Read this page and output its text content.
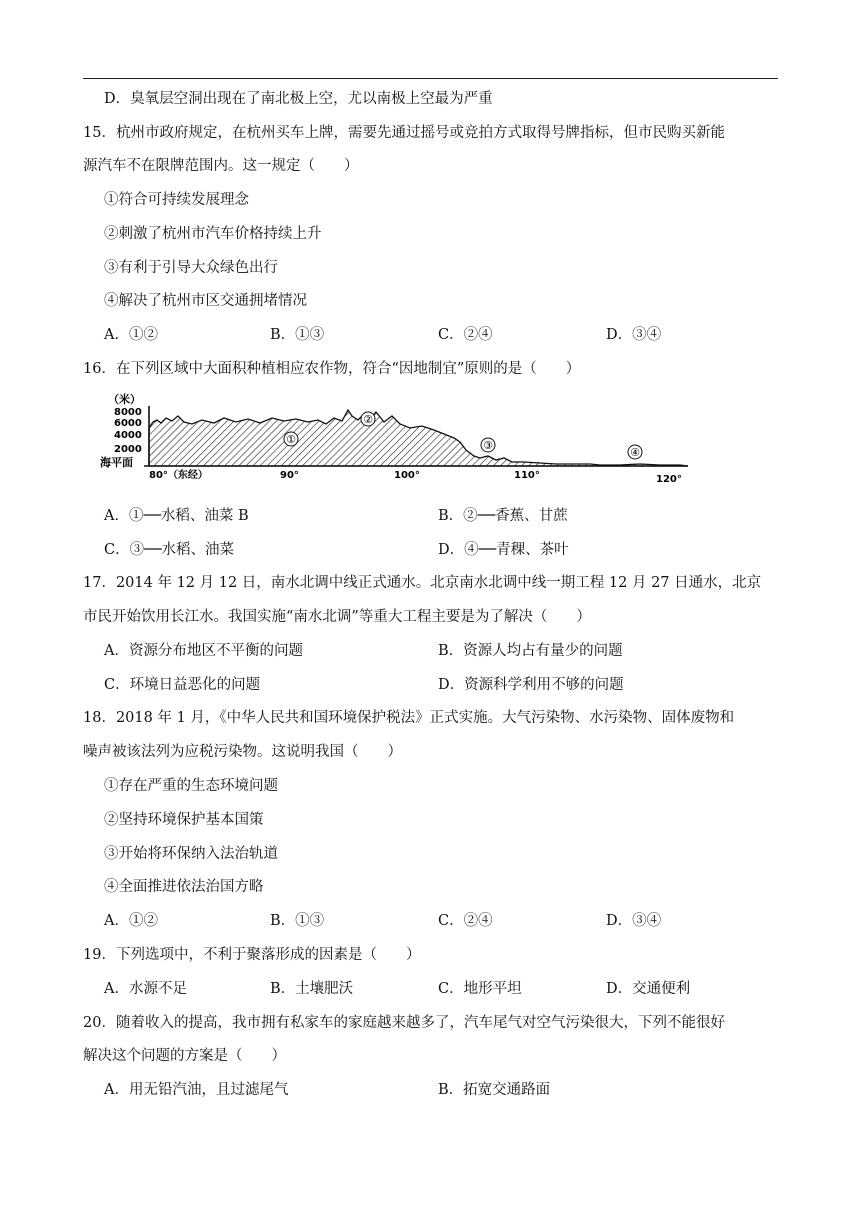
D．臭氧层空洞出现在了南北极上空，尤以南极上空最为严重
15．杭州市政府规定，在杭州买车上牌，需要先通过摇号或竞拍方式取得号牌指标，但市民购买新能
源汽车不在限牌范围内。这一规定（　　）
①符合可持续发展理念
②刺激了杭州市汽车价格持续上升
③有利于引导大众绿色出行
④解决了杭州市区交通拥堵情况
A．①②	B．①③	C．②④	D．③④
16．在下列区域中大面积种植相应农作物，符合“因地制宜”原则的是（　　）
（米）
8000
6000
4000
2000
海平面
①
②
③
④
80°（东经）	90°	100°	110°	120°
A．①──水稻、油菜 B	B．②──香蕉、甘蔗
C．③──水稻、油菜	D．④──青稞、茶叶
17．2014 年 12 月 12 日，南水北调中线正式通水。北京南水北调中线一期工程 12 月 27 日通水，北京
市民开始饮用长江水。我国实施“南水北调”等重大工程主要是为了解决（　　）
A．资源分布地区不平衡的问题	B．资源人均占有量少的问题
C．环境日益恶化的问题	D．资源科学利用不够的问题
18．2018 年 1 月，《中华人民共和国环境保护税法》正式实施。大气污染物、水污染物、固体废物和
噪声被该法列为应税污染物。这说明我国（　　）
①存在严重的生态环境问题
②坚持环境保护基本国策
③开始将环保纳入法治轨道
④全面推进依法治国方略
A．①②	B．①③	C．②④	D．③④
19．下列选项中，不利于聚落形成的因素是（　　）
A．水源不足	B．土壤肥沃	C．地形平坦	D．交通便利
20．随着收入的提高，我市拥有私家车的家庭越来越多了，汽车尾气对空气污染很大，下列不能很好
解决这个问题的方案是（　　）
A．用无铅汽油，且过滤尾气	B．拓宽交通路面
